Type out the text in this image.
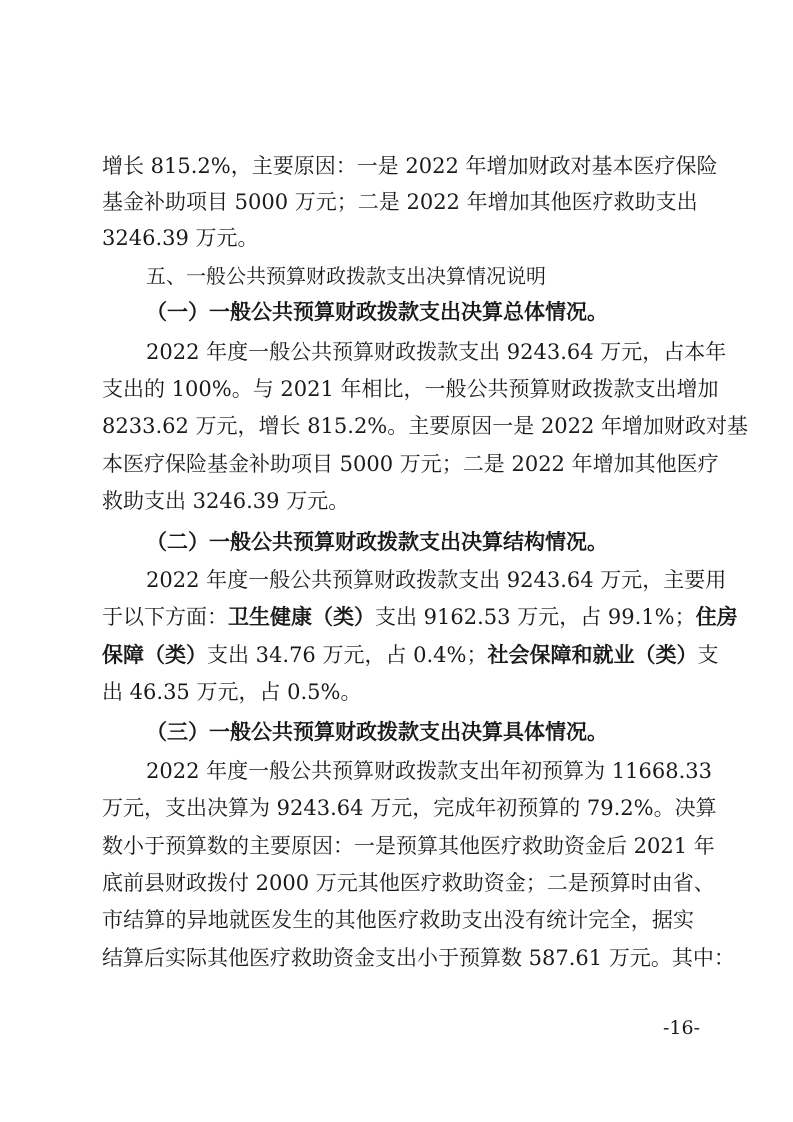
增长 815.2%，主要原因：一是 2022 年增加财政对基本医疗保险
基金补助项目 5000 万元；二是 2022 年增加其他医疗救助支出
3246.39 万元。
五、一般公共预算财政拨款支出决算情况说明
（一）一般公共预算财政拨款支出决算总体情况。
2022 年度一般公共预算财政拨款支出 9243.64 万元，占本年
支出的 100%。与 2021 年相比，一般公共预算财政拨款支出增加
8233.62 万元，增长 815.2%。主要原因一是 2022 年增加财政对基
本医疗保险基金补助项目 5000 万元；二是 2022 年增加其他医疗
救助支出 3246.39 万元。
（二）一般公共预算财政拨款支出决算结构情况。
2022 年度一般公共预算财政拨款支出 9243.64 万元，主要用
于以下方面：卫生健康（类）支出 9162.53 万元，占 99.1%；住房
保障（类）支出 34.76 万元，占 0.4%；社会保障和就业（类）支
出 46.35 万元，占 0.5%。
（三）一般公共预算财政拨款支出决算具体情况。
2022 年度一般公共预算财政拨款支出年初预算为 11668.33
万元，支出决算为 9243.64 万元，完成年初预算的 79.2%。决算
数小于预算数的主要原因：一是预算其他医疗救助资金后 2021 年
底前县财政拨付 2000 万元其他医疗救助资金；二是预算时由省、
市结算的异地就医发生的其他医疗救助支出没有统计完全，据实
结算后实际其他医疗救助资金支出小于预算数 587.61 万元。其中：
-16-
